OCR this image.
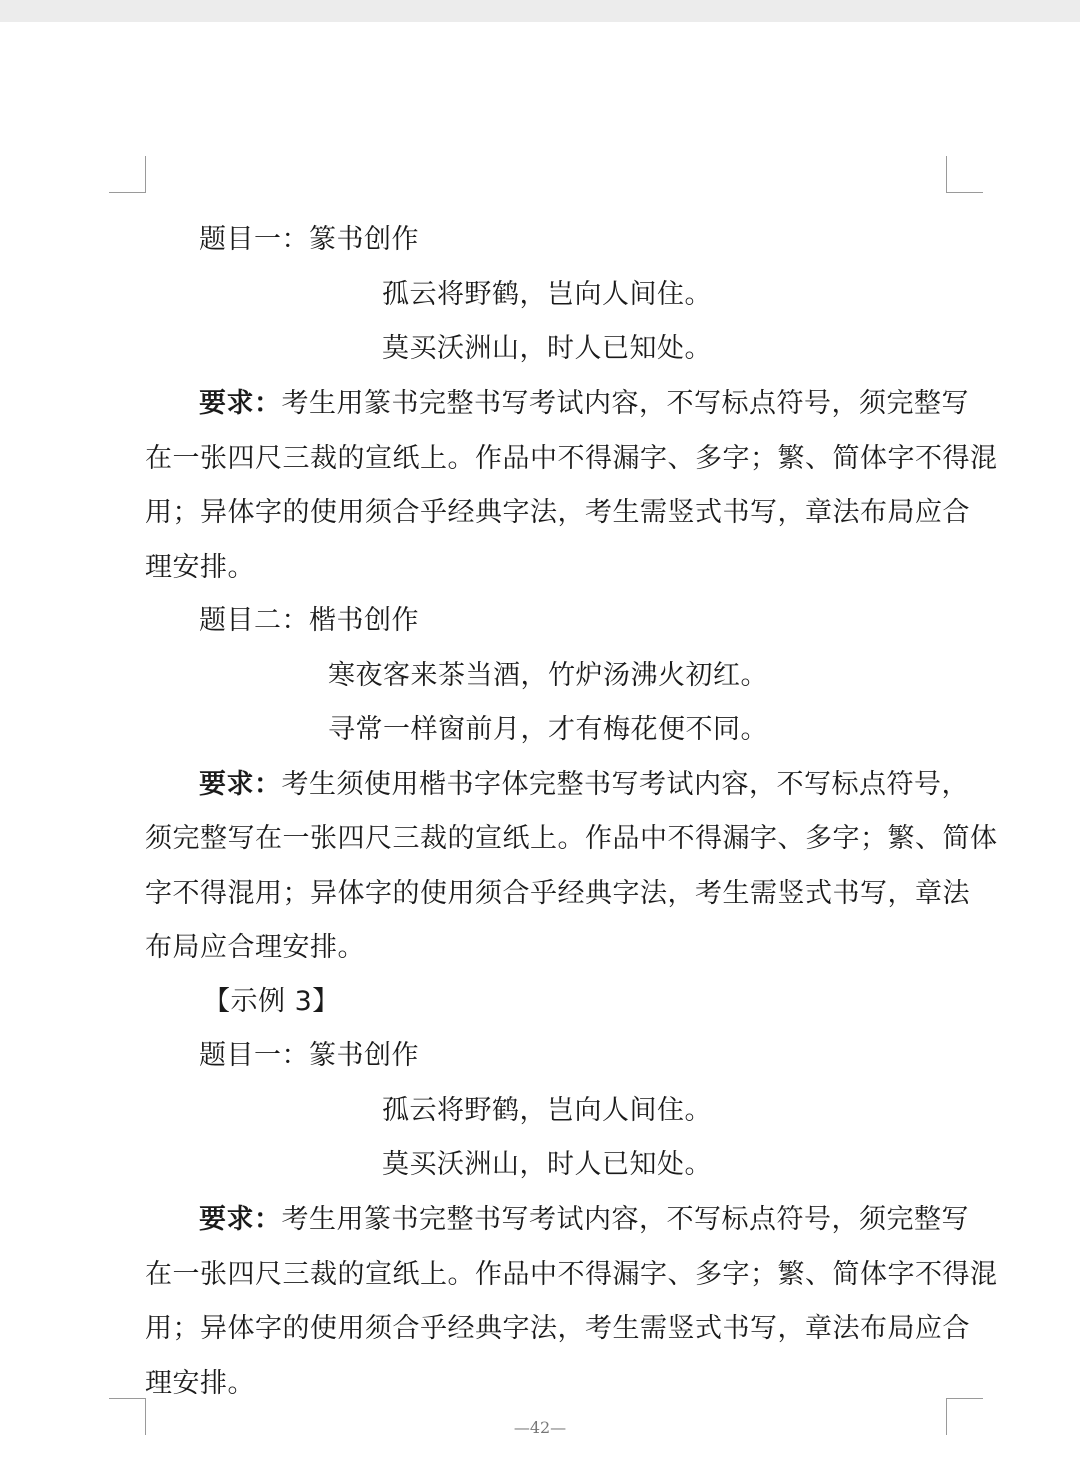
题目一：篆书创作
孤云将野鹤，岂向人间住。
莫买沃洲山，时人已知处。
要求：考生用篆书完整书写考试内容，不写标点符号，须完整写
在一张四尺三裁的宣纸上。作品中不得漏字、多字；繁、简体字不得混
用；异体字的使用须合乎经典字法，考生需竖式书写，章法布局应合
理安排。
题目二：楷书创作
寒夜客来茶当酒，竹炉汤沸火初红。
寻常一样窗前月，才有梅花便不同。
要求：考生须使用楷书字体完整书写考试内容，不写标点符号，
须完整写在一张四尺三裁的宣纸上。作品中不得漏字、多字；繁、简体
字不得混用；异体字的使用须合乎经典字法，考生需竖式书写，章法
布局应合理安排。
【示例 3】
题目一：篆书创作
孤云将野鹤，岂向人间住。
莫买沃洲山，时人已知处。
要求：考生用篆书完整书写考试内容，不写标点符号，须完整写
在一张四尺三裁的宣纸上。作品中不得漏字、多字；繁、简体字不得混
用；异体字的使用须合乎经典字法，考生需竖式书写，章法布局应合
理安排。
—42—
